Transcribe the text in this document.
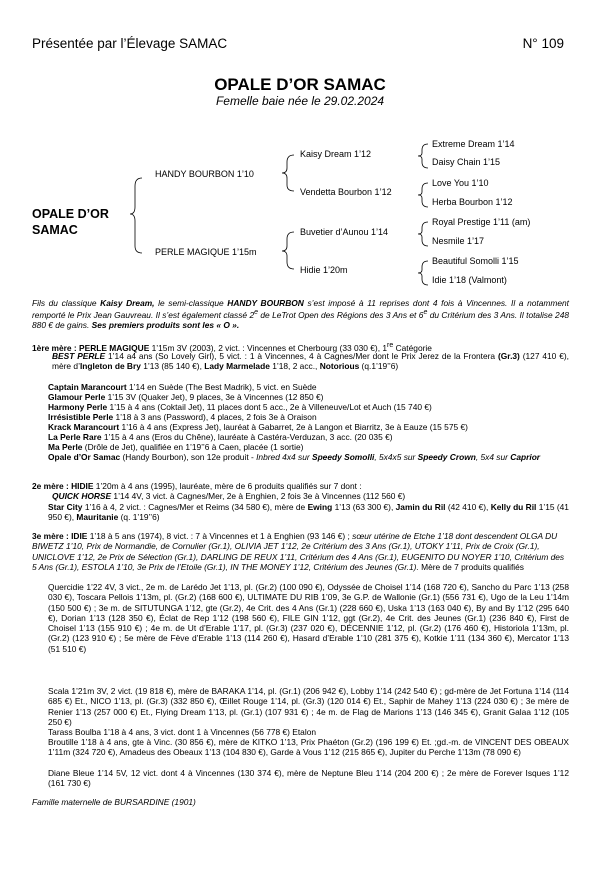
Présentée par l’Élevage SAMAC	N° 109
OPALE D’OR SAMAC
Femelle baie née le 29.02.2024
OPALE D’OR
SAMAC
HANDY BOURBON 1’10
PERLE MAGIQUE 1’15m
Kaisy Dream 1’12
Vendetta Bourbon 1’12
Buvetier d’Aunou 1’14
Hidie 1’20m
Extreme Dream 1’14
Daisy Chain 1’15
Love You 1’10
Herba Bourbon 1’12
Royal Prestige 1’11 (am)
Nesmile 1’17
Beautiful Somolli 1’15
Idie 1’18 (Valmont)
Fils du classique Kaisy Dream, le semi-classique HANDY BOURBON s’est imposé à 11 reprises dont 4 fois à Vincennes. Il a notamment remporté le Prix Jean Gauvreau. Il s’est également classé 2e de LeTrot Open des Régions des 3 Ans et 6e du Critérium des 3 Ans. Il totalise 248 880 € de gains. Ses premiers produits sont les « O ».
1ère mère : PERLE MAGIQUE 1’15m 3V (2003), 2 vict. : Vincennes et Cherbourg (33 030 €), 1re Catégorie
BEST PERLE 1’14 a4 ans (So Lovely Girl), 5 vict. : 1 à Vincennes, 4 à Cagnes/Mer dont le Prix Jerez de la Frontera (Gr.3) (127 410 €), mère d’Ingleton de Bry 1’13 (85 140 €), Lady Marmelade 1’18, 2 acc., Notorious (q.1’19’’6)
Captain Marancourt 1’14 en Suède (The Best Madrik), 5 vict. en Suède
Glamour Perle 1’15 3V (Quaker Jet), 9 places, 3e à Vincennes (12 850 €)
Harmony Perle 1’15 à 4 ans (Coktail Jet), 11 places dont 5 acc., 2e à Villeneuve/Lot et Auch (15 740 €)
Irrésistible Perle 1’18 à 3 ans (Password), 4 places, 2 fois 3e à Oraison
Krack Marancourt 1’16 à 4 ans (Express Jet), lauréat à Gabarret, 2e à Langon et Biarritz, 3e à Eauze (15 575 €)
La Perle Rare 1’15 à 4 ans (Eros du Chêne), lauréate à Castéra-Verduzan, 3 acc. (20 035 €)
Ma Perle (Drôle de Jet), qualifiée en 1’19’’6 à Caen, placée (1 sortie)
Opale d’Or Samac (Handy Bourbon), son 12e produit - Inbred 4x4 sur Speedy Somolli, 5x4x5 sur Speedy Crown, 5x4 sur Caprior
2e mère : HIDIE 1’20m à 4 ans (1995), lauréate, mère de 6 produits qualifiés sur 7 dont :
QUICK HORSE 1’14 4V, 3 vict. à Cagnes/Mer, 2e à Enghien, 2 fois 3e à Vincennes (112 560 €)
Star City 1’16 à 4, 2 vict. : Cagnes/Mer et Reims (34 580 €), mère de Ewing 1’13 (63 300 €), Jamin du Ril (42 410 €), Kelly du Ril 1’15 (41 950 €), Mauritanie (q. 1’19’’6)
3e mère : IDIE 1’18 à 5 ans (1974), 8 vict. : 7 à Vincennes et 1 à Enghien (93 146 €) ; sœur utérine de Etche 1’18 dont descendent OLGA DU BIWETZ 1’10, Prix de Normandie, de Cornulier (Gr.1), OLIVIA JET 1’12, 2e Critérium des 3 Ans (Gr.1), UTOKY 1’11, Prix de Croix (Gr.1), UNICLOVE 1’12, 2e Prix de Sélection (Gr.1), DARLING DE REUX 1’11, Critérium des 4 Ans (Gr.1), EUGENITO DU NOYER 1’10, Critérium des 5 Ans (Gr.1), ESTOLA 1’10, 3e Prix de l’Etoile (Gr.1), IN THE MONEY 1’12, Critérium des Jeunes (Gr.1). Mère de 7 produits qualifiés
Quercidie 1’22 4V, 3 vict., 2e m. de Larédo Jet 1’13, pl. (Gr.2) (100 090 €), Odyssée de Choisel 1’14 (168 720 €), Sancho du Parc 1’13 (258 030 €), Toscara Pellois 1’13m, pl. (Gr.2) (168 600 €), ULTIMATE DU RIB 1’09, 3e G.P. de Wallonie (Gr.1) (556 731 €), Ugo de la Leu 1’14m (150 500 €) ; 3e m. de SITUTUNGA 1’12, gte (Gr.2), 4e Crit. des 4 Ans (Gr.1) (228 660 €), Uska 1’13 (163 040 €), By and By 1’12 (295 640 €), Dorian 1’13 (128 350 €), Éclat de Rep 1’12 (198 560 €), FILE GIN 1’12, ggt (Gr.2), 4e Crit. des Jeunes (Gr.1) (236 840 €), First de Choisel 1’13 (155 910 €) ; 4e m. de Ut d’Erable 1’17, pl. (Gr.3) (237 020 €), DÉCENNIE 1’12, pl. (Gr.2) (176 460 €), Historiola 1’13m, pl. (Gr.2) (123 910 €) ; 5e mère de Fève d’Erable 1’13 (114 260 €), Hasard d’Erable 1’10 (281 375 €), Kotkie 1’11 (134 360 €), Mercator 1’13 (51 510 €)
Scala 1’21m 3V, 2 vict. (19 818 €), mère de BARAKA 1’14, pl. (Gr.1) (206 942 €), Lobby 1’14 (242 540 €) ; gd-mère de Jet Fortuna 1’14 (114 685 €) Et., NICO 1’13, pl. (Gr.3) (332 850 €), Œillet Rouge 1’14, pl. (Gr.3) (120 014 €) Et., Saphir de Mahey 1’13 (224 030 €) ; 3e mère de Renier 1’13 (257 000 €) Et., Flying Dream 1’13, pl. (Gr.1) (107 931 €) ; 4e m. de Flag de Marions 1’13 (146 345 €), Granit Galaa 1’12 (105 250 €)
Tarass Boulba 1’18 à 4 ans, 3 vict. dont 1 à Vincennes (56 778 €) Etalon
Broutille 1’18 à 4 ans, gte à Vinc. (30 856 €), mère de KITKO 1’13, Prix Phaéton (Gr.2) (196 199 €) Et. ;gd.-m. de VINCENT DES OBEAUX 1’11m (324 720 €), Amadeus des Obeaux 1’13 (104 830 €), Garde à Vous 1’12 (215 865 €), Jupiter du Perche 1’13m (78 090 €)
Diane Bleue 1’14 5V, 12 vict. dont 4 à Vincennes (130 374 €), mère de Neptune Bleu 1’14 (204 200 €) ; 2e mère de Forever Isques 1’12 (161 730 €)
Famille maternelle de BURSARDINE (1901)
